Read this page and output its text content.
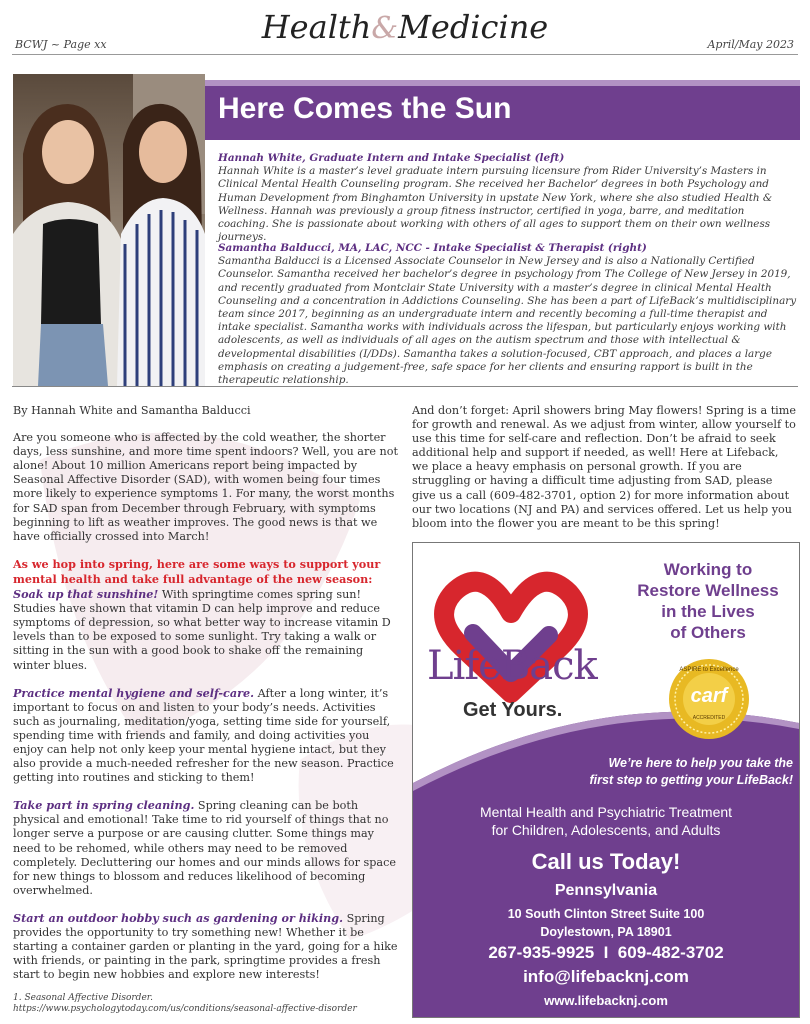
BCWJ ~ Page xx	Health&Medicine	April/May 2023
Here Comes the Sun
Hannah White, Graduate Intern and Intake Specialist (left)
Hannah White is a master’s level graduate intern pursuing licensure from Rider University’s Masters in Clinical Mental Health Counseling program. She received her Bachelor’ degrees in both Psychology and Human Development from Binghamton University in upstate New York, where she also studied Health & Wellness. Hannah was previously a group fitness instructor, certified in yoga, barre, and meditation coaching. She is passionate about working with others of all ages to support them on their own wellness journeys.
Samantha Balducci, MA, LAC, NCC - Intake Specialist & Therapist (right)
Samantha Balducci is a Licensed Associate Counselor in New Jersey and is also a Nationally Certified Counselor. Samantha received her bachelor’s degree in psychology from The College of New Jersey in 2019, and recently graduated from Montclair State University with a master’s degree in clinical Mental Health Counseling and a concentration in Addictions Counseling. She has been a part of LifeBack’s multidisciplinary team since 2017, beginning as an undergraduate intern and recently becoming a full-time therapist and intake specialist. Samantha works with individuals across the lifespan, but particularly enjoys working with adolescents, as well as individuals of all ages on the autism spectrum and those with intellectual & developmental disabilities (I/DDs). Samantha takes a solution-focused, CBT approach, and places a large emphasis on creating a judgement-free, safe space for her clients and ensuring rapport is built in the therapeutic relationship.

By Hannah White and Samantha Balducci

Are you someone who is affected by the cold weather, the shorter days, less sunshine, and more time spent indoors? Well, you are not alone! About 10 million Americans report being impacted by Seasonal Affective Disorder (SAD), with women being four times more likely to experience symptoms 1. For many, the worst months for SAD span from December through February, with symptoms beginning to lift as weather improves. The good news is that we have officially crossed into March!

As we hop into spring, here are some ways to support your mental health and take full advantage of the new season:
Soak up that sunshine! With springtime comes spring sun! Studies have shown that vitamin D can help improve and reduce symptoms of depression, so what better way to increase vitamin D levels than to be exposed to some sunlight. Try taking a walk or sitting in the sun with a good book to shake off the remaining winter blues.

Practice mental hygiene and self-care. After a long winter, it’s important to focus on and listen to your body’s needs. Activities such as journaling, meditation/yoga, setting time side for yourself, spending time with friends and family, and doing activities you enjoy can help not only keep your mental hygiene intact, but they also provide a much-needed refresher for the new season. Practice getting into routines and sticking to them!

Take part in spring cleaning. Spring cleaning can be both physical and emotional! Take time to rid yourself of things that no longer serve a purpose or are causing clutter. Some things may need to be rehomed, while others may need to be removed completely. Decluttering our homes and our minds allows for space for new things to blossom and reduces likelihood of becoming overwhelmed.

Start an outdoor hobby such as gardening or hiking. Spring provides the opportunity to try something new! Whether it be starting a container garden or planting in the yard, going for a hike with friends, or painting in the park, springtime provides a fresh start to begin new hobbies and explore new interests!

1. Seasonal Affective Disorder.
https://www.psychologytoday.com/us/conditions/seasonal-affective-disorder

And don’t forget: April showers bring May flowers! Spring is a time for growth and renewal. As we adjust from winter, allow yourself to use this time for self-care and reflection. Don’t be afraid to seek additional help and support if needed, as well! Here at Lifeback, we place a heavy emphasis on personal growth. If you are struggling or having a difficult time adjusting from SAD, please give us a call (609-482-3701, option 2) for more information about our two locations (NJ and PA) and services offered. Let us help you bloom into the flower you are meant to be this spring!

Working to
Restore Wellness
in the Lives
of Others
LifeBack
Get Yours.
ASPIRE to Excellence
carf
ACCREDITED
We’re here to help you take the
first step to getting your LifeBack!
Mental Health and Psychiatric Treatment
for Children, Adolescents, and Adults
Call us Today!
Pennsylvania
10 South Clinton Street Suite 100
Doylestown, PA 18901
267-935-9925  I  609-482-3702
info@lifebacknj.com
www.lifebacknj.com
